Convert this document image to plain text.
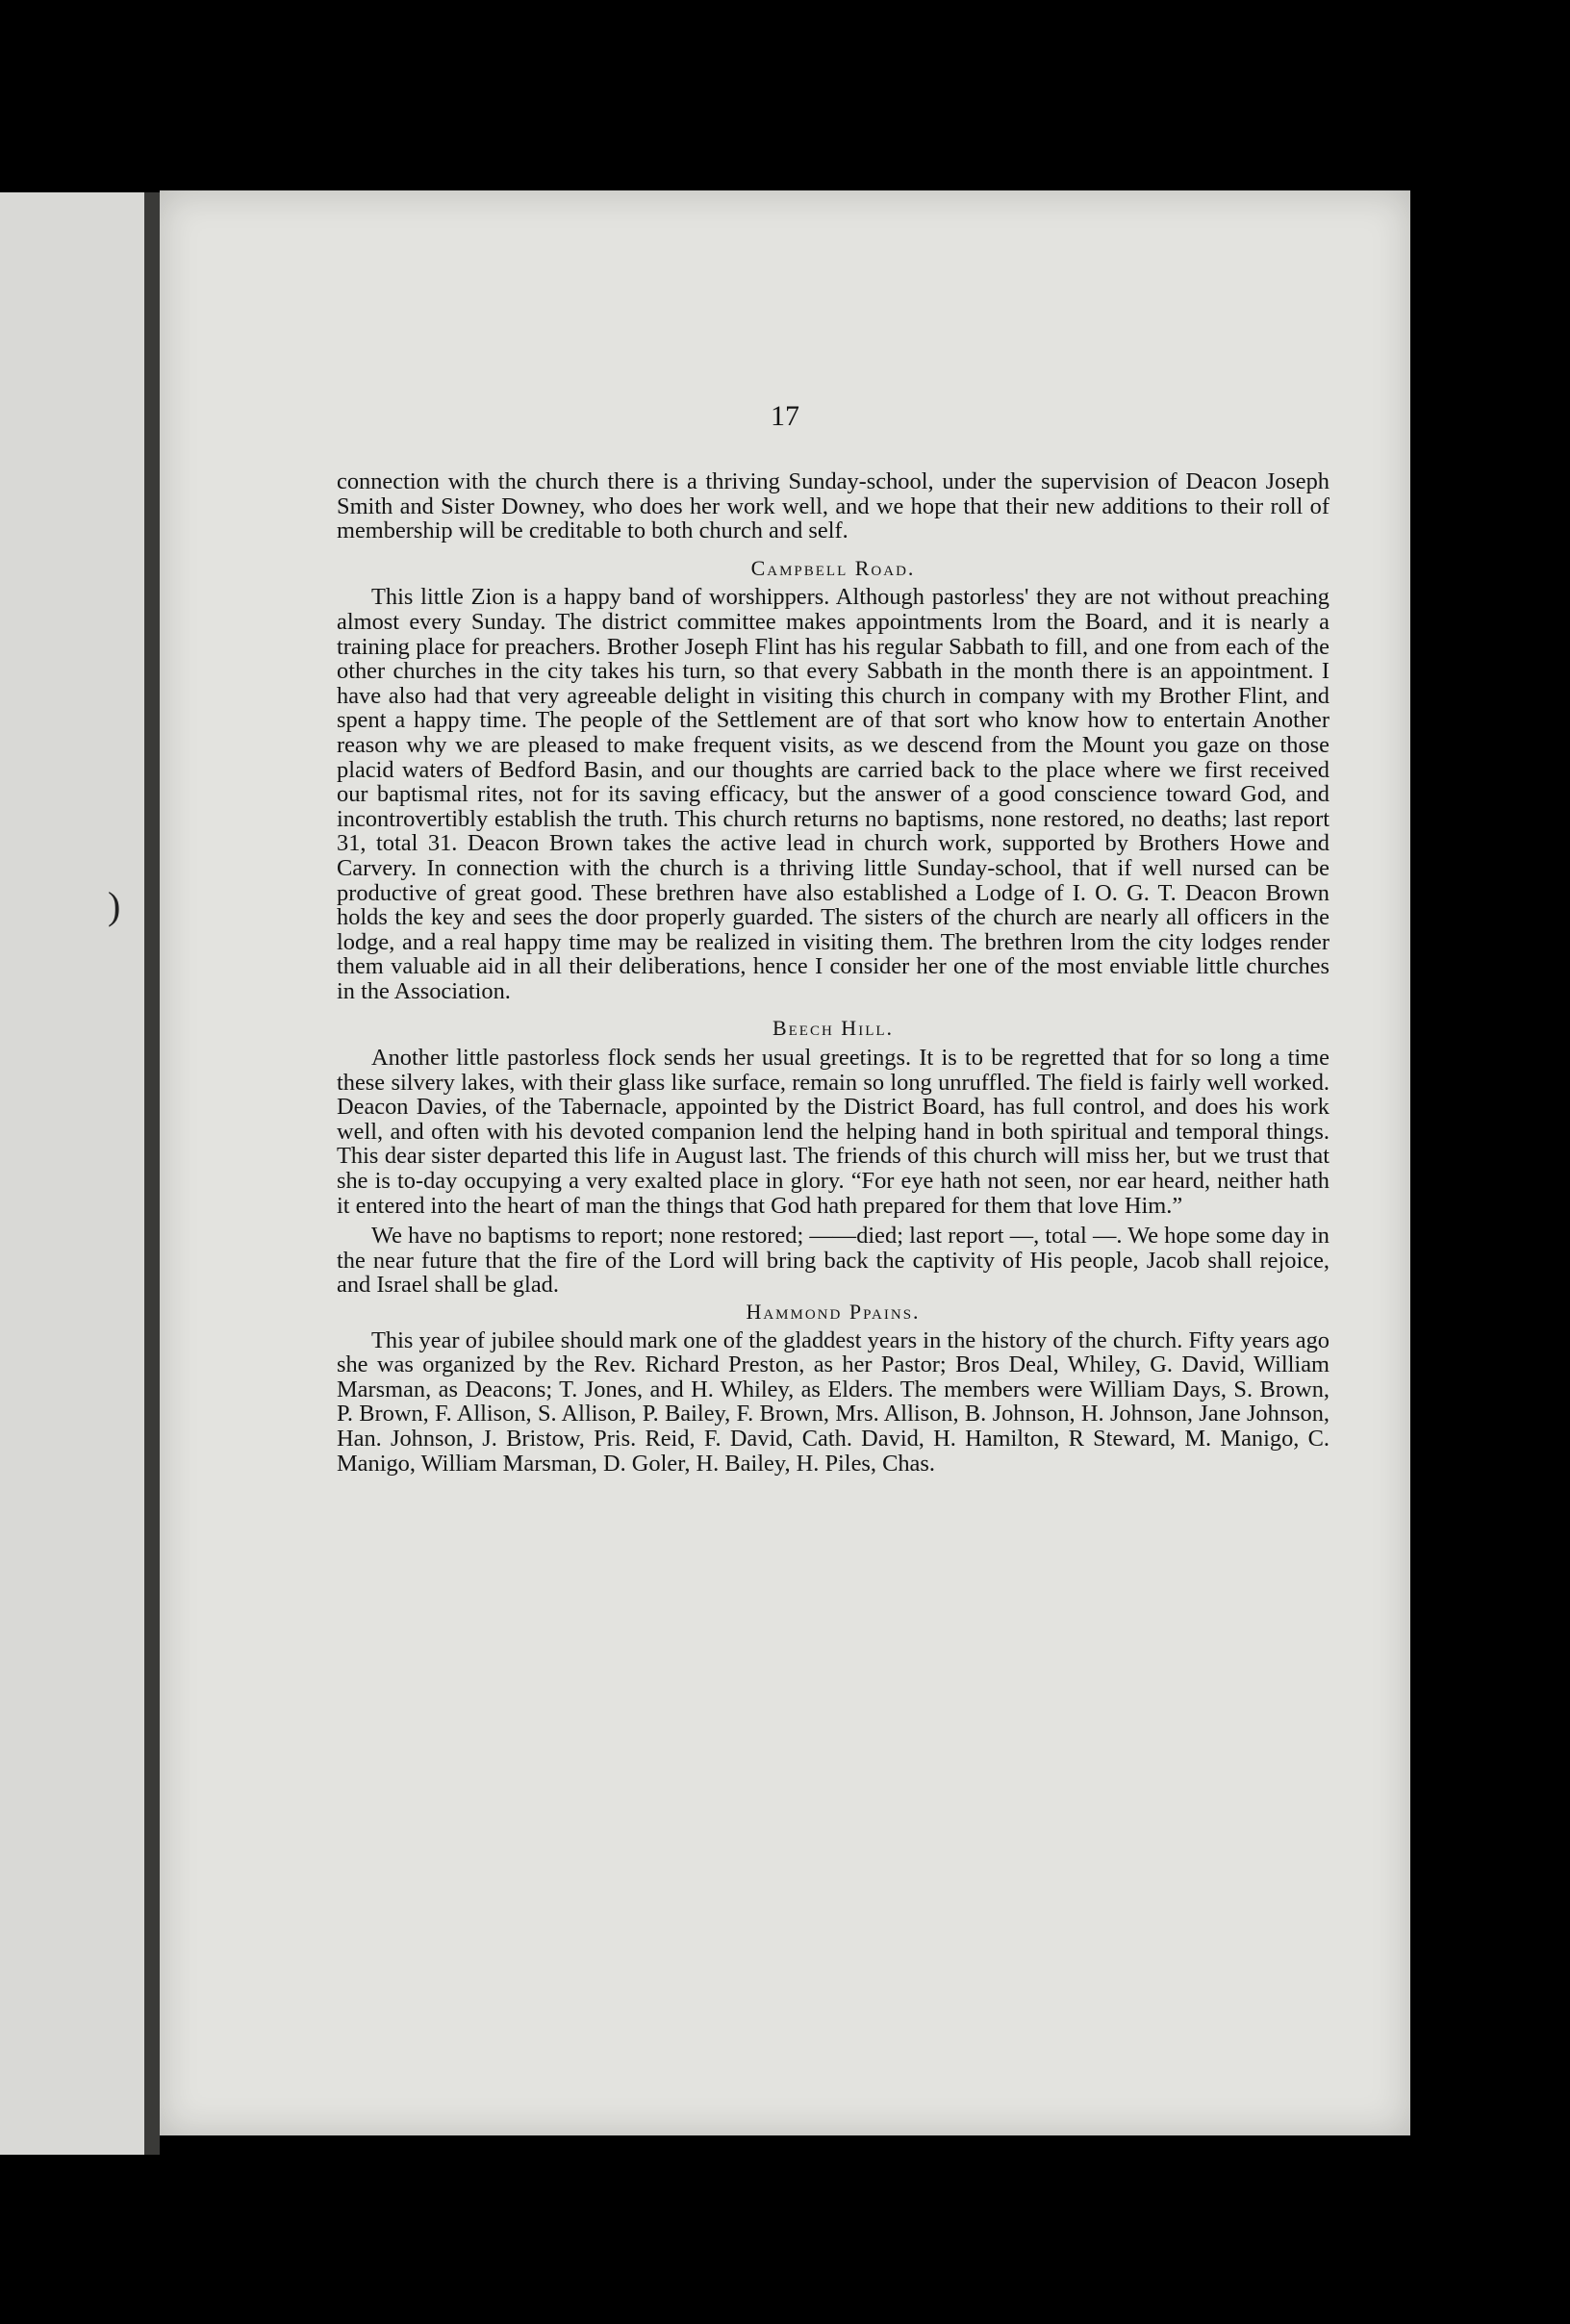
)
17

connection with the church there is a thriving Sunday-school, under the supervision of Deacon Joseph Smith and Sister Downey, who does her work well, and we hope that their new additions to their roll of membership will be creditable to both church and self.

Campbell Road.

This little Zion is a happy band of worshippers. Although pastorless' they are not without preaching almost every Sunday. The district committee makes appointments lrom the Board, and it is nearly a training place for preachers. Brother Joseph Flint has his regular Sabbath to fill, and one from each of the other churches in the city takes his turn, so that every Sabbath in the month there is an appointment. I have also had that very agreeable delight in visiting this church in company with my Brother Flint, and spent a happy time. The people of the Settlement are of that sort who know how to entertain Another reason why we are pleased to make frequent visits, as we descend from the Mount you gaze on those placid waters of Bedford Basin, and our thoughts are carried back to the place where we first received our baptismal rites, not for its saving efficacy, but the answer of a good conscience toward God, and incontrovertibly establish the truth. This church returns no baptisms, none restored, no deaths; last report 31, total 31. Deacon Brown takes the active lead in church work, supported by Brothers Howe and Carvery. In connection with the church is a thriving little Sunday-school, that if well nursed can be productive of great good. These brethren have also established a Lodge of I. O. G. T. Deacon Brown holds the key and sees the door properly guarded. The sisters of the church are nearly all officers in the lodge, and a real happy time may be realized in visiting them. The brethren lrom the city lodges render them valuable aid in all their deliberations, hence I consider her one of the most enviable little churches in the Association.

Beech Hill.

Another little pastorless flock sends her usual greetings. It is to be regretted that for so long a time these silvery lakes, with their glass like surface, remain so long unruffled. The field is fairly well worked. Deacon Davies, of the Tabernacle, appointed by the District Board, has full control, and does his work well, and often with his devoted companion lend the helping hand in both spiritual and temporal things. This dear sister departed this life in August last. The friends of this church will miss her, but we trust that she is to-day occupying a very exalted place in glory. “For eye hath not seen, nor ear heard, neither hath it entered into the heart of man the things that God hath prepared for them that love Him.”

We have no baptisms to report; none restored; ——died; last report —, total —. We hope some day in the near future that the fire of the Lord will bring back the captivity of His people, Jacob shall rejoice, and Israel shall be glad.

Hammond Ppains.

This year of jubilee should mark one of the gladdest years in the history of the church. Fifty years ago she was organized by the Rev. Richard Preston, as her Pastor; Bros Deal, Whiley, G. David, William Marsman, as Deacons; T. Jones, and H. Whiley, as Elders. The members were William Days, S. Brown, P. Brown, F. Allison, S. Allison, P. Bailey, F. Brown, Mrs. Allison, B. Johnson, H. Johnson, Jane Johnson, Han. Johnson, J. Bristow, Pris. Reid, F. David, Cath. David, H. Hamilton, R Steward, M. Manigo, C. Manigo, William Marsman, D. Goler, H. Bailey, H. Piles, Chas.
